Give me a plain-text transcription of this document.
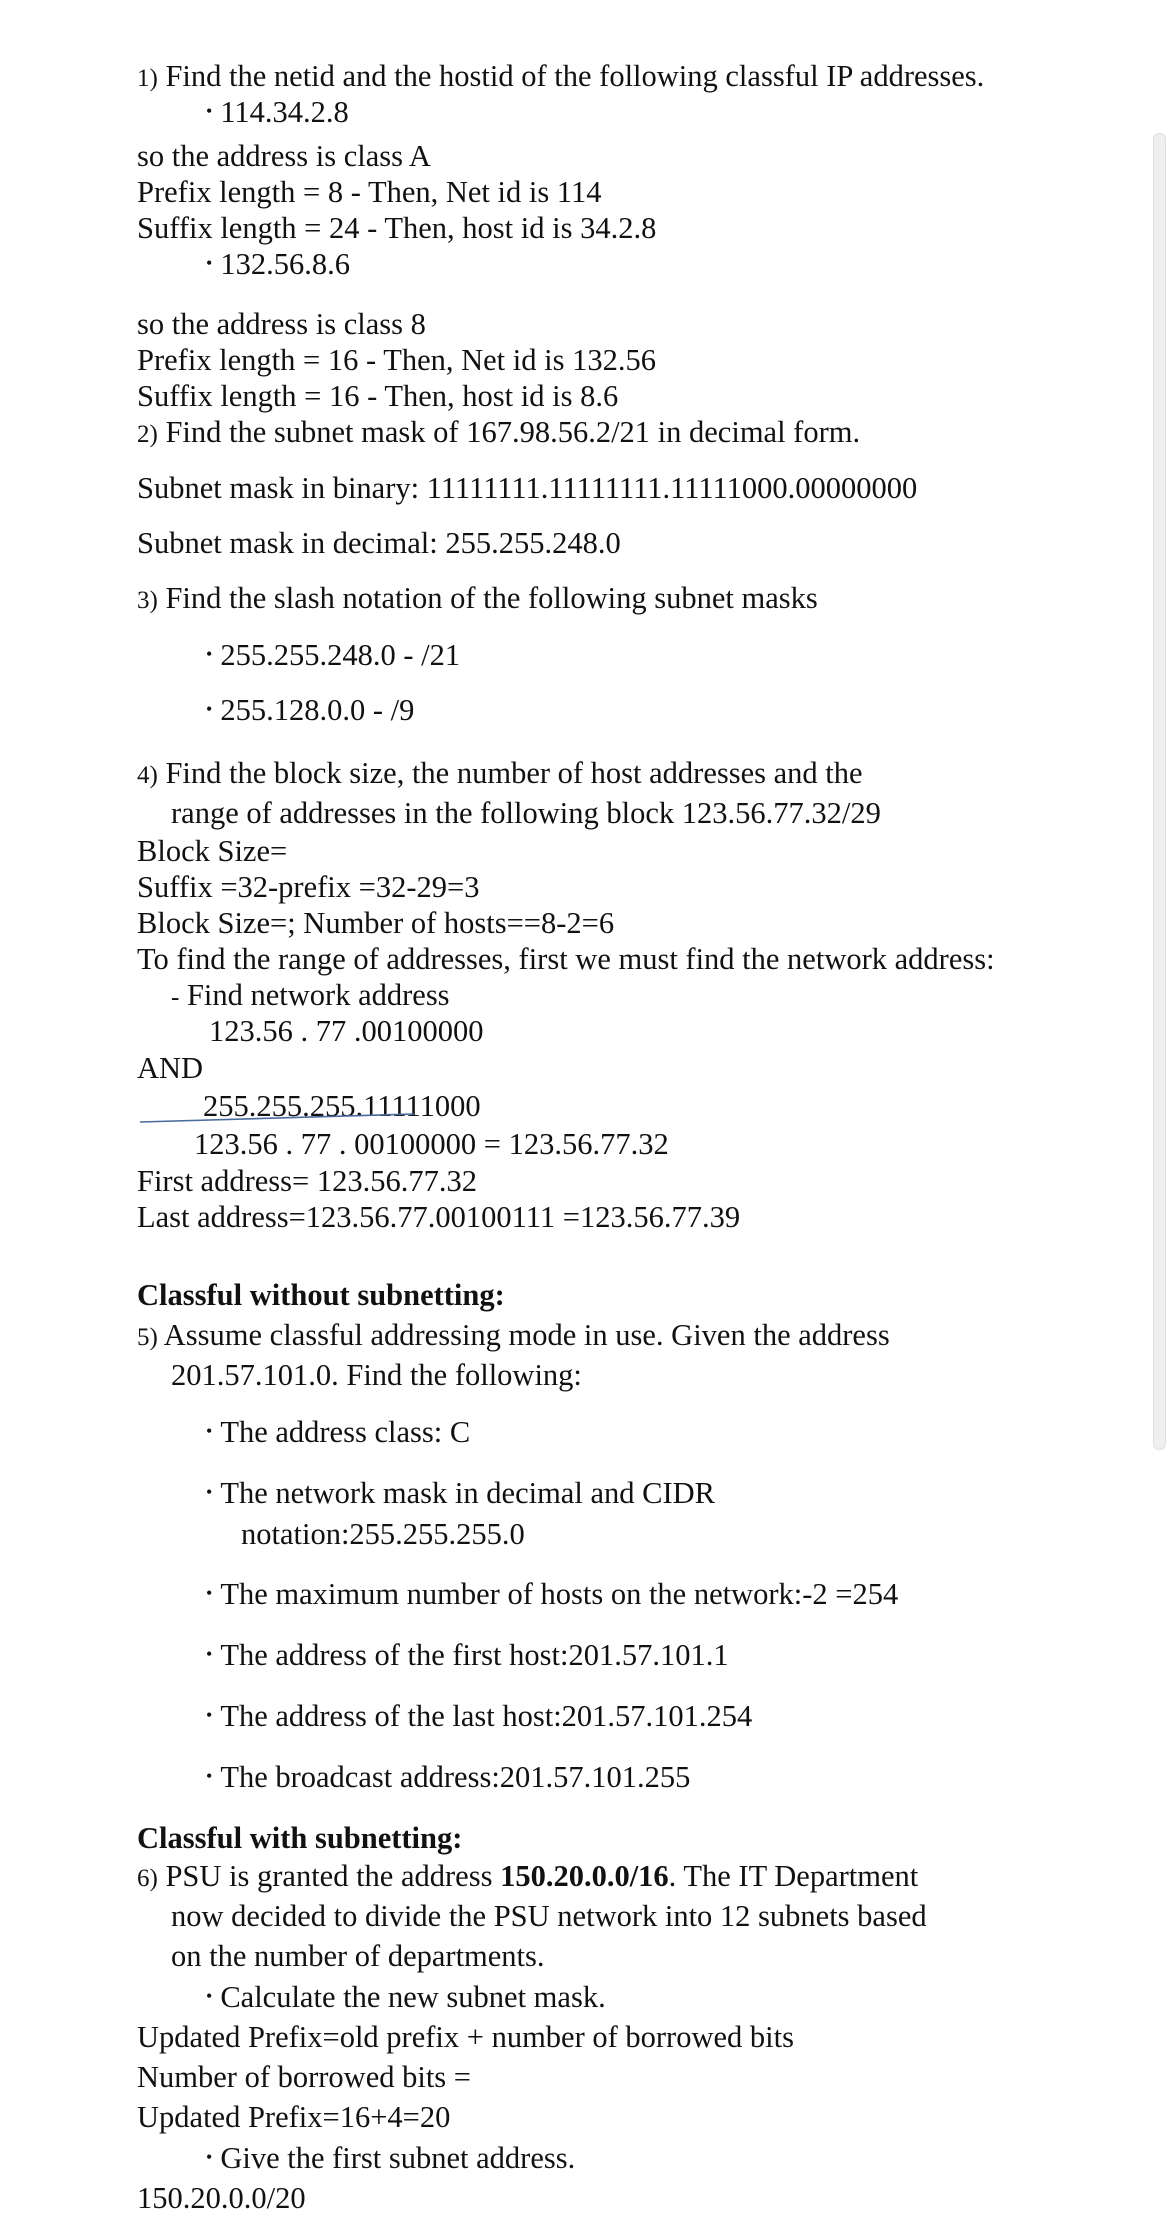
1) Find the netid and the hostid of the following classful IP addresses.
• 114.34.2.8
so the address is class A
Prefix length = 8 - Then, Net id is 114
Suffix length = 24 - Then, host id is 34.2.8
• 132.56.8.6
so the address is class 8
Prefix length = 16 - Then, Net id is 132.56
Suffix length = 16 - Then, host id is 8.6
2) Find the subnet mask of 167.98.56.2/21 in decimal form.
Subnet mask in binary: 11111111.11111111.11111000.00000000
Subnet mask in decimal: 255.255.248.0
3) Find the slash notation of the following subnet masks
• 255.255.248.0 - /21
• 255.128.0.0 - /9
4) Find the block size, the number of host addresses and the
range of addresses in the following block 123.56.77.32/29
Block Size=
Suffix =32-prefix =32-29=3
Block Size=; Number of hosts==8-2=6
To find the range of addresses, first we must find the network address:
- Find network address
123.56 . 77 .00100000
AND
255.255.255.11111000
123.56 . 77 . 00100000 = 123.56.77.32
First address= 123.56.77.32
Last address=123.56.77.00100111 =123.56.77.39
Classful without subnetting:
5) Assume classful addressing mode in use. Given the address
201.57.101.0. Find the following:
• The address class: C
• The network mask in decimal and CIDR
notation:255.255.255.0
• The maximum number of hosts on the network:-2 =254
• The address of the first host:201.57.101.1
• The address of the last host:201.57.101.254
• The broadcast address:201.57.101.255
Classful with subnetting:
6) PSU is granted the address 150.20.0.0/16. The IT Department
now decided to divide the PSU network into 12 subnets based
on the number of departments.
• Calculate the new subnet mask.
Updated Prefix=old prefix + number of borrowed bits
Number of borrowed bits =
Updated Prefix=16+4=20
• Give the first subnet address.
150.20.0.0/20
